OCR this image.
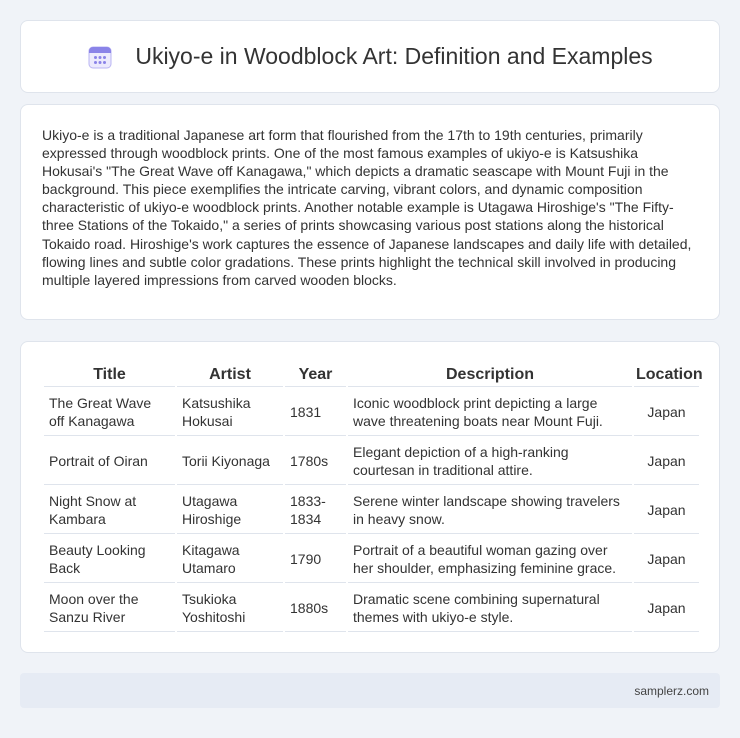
Ukiyo-e in Woodblock Art: Definition and Examples

Ukiyo-e is a traditional Japanese art form that flourished from the 17th to 19th centuries, primarily expressed through woodblock prints. One of the most famous examples of ukiyo-e is Katsushika Hokusai's "The Great Wave off Kanagawa," which depicts a dramatic seascape with Mount Fuji in the background. This piece exemplifies the intricate carving, vibrant colors, and dynamic composition characteristic of ukiyo-e woodblock prints. Another notable example is Utagawa Hiroshige's "The Fifty-three Stations of the Tokaido," a series of prints showcasing various post stations along the historical Tokaido road. Hiroshige's work captures the essence of Japanese landscapes and daily life with detailed, flowing lines and subtle color gradations. These prints highlight the technical skill involved in producing multiple layered impressions from carved wooden blocks.

Title	Artist	Year	Description	Location
The Great Wave off Kanagawa	Katsushika Hokusai	1831	Iconic woodblock print depicting a large wave threatening boats near Mount Fuji.	Japan
Portrait of Oiran	Torii Kiyonaga	1780s	Elegant depiction of a high-ranking courtesan in traditional attire.	Japan
Night Snow at Kambara	Utagawa Hiroshige	1833-1834	Serene winter landscape showing travelers in heavy snow.	Japan
Beauty Looking Back	Kitagawa Utamaro	1790	Portrait of a beautiful woman gazing over her shoulder, emphasizing feminine grace.	Japan
Moon over the Sanzu River	Tsukioka Yoshitoshi	1880s	Dramatic scene combining supernatural themes with ukiyo-e style.	Japan
samplerz.com
